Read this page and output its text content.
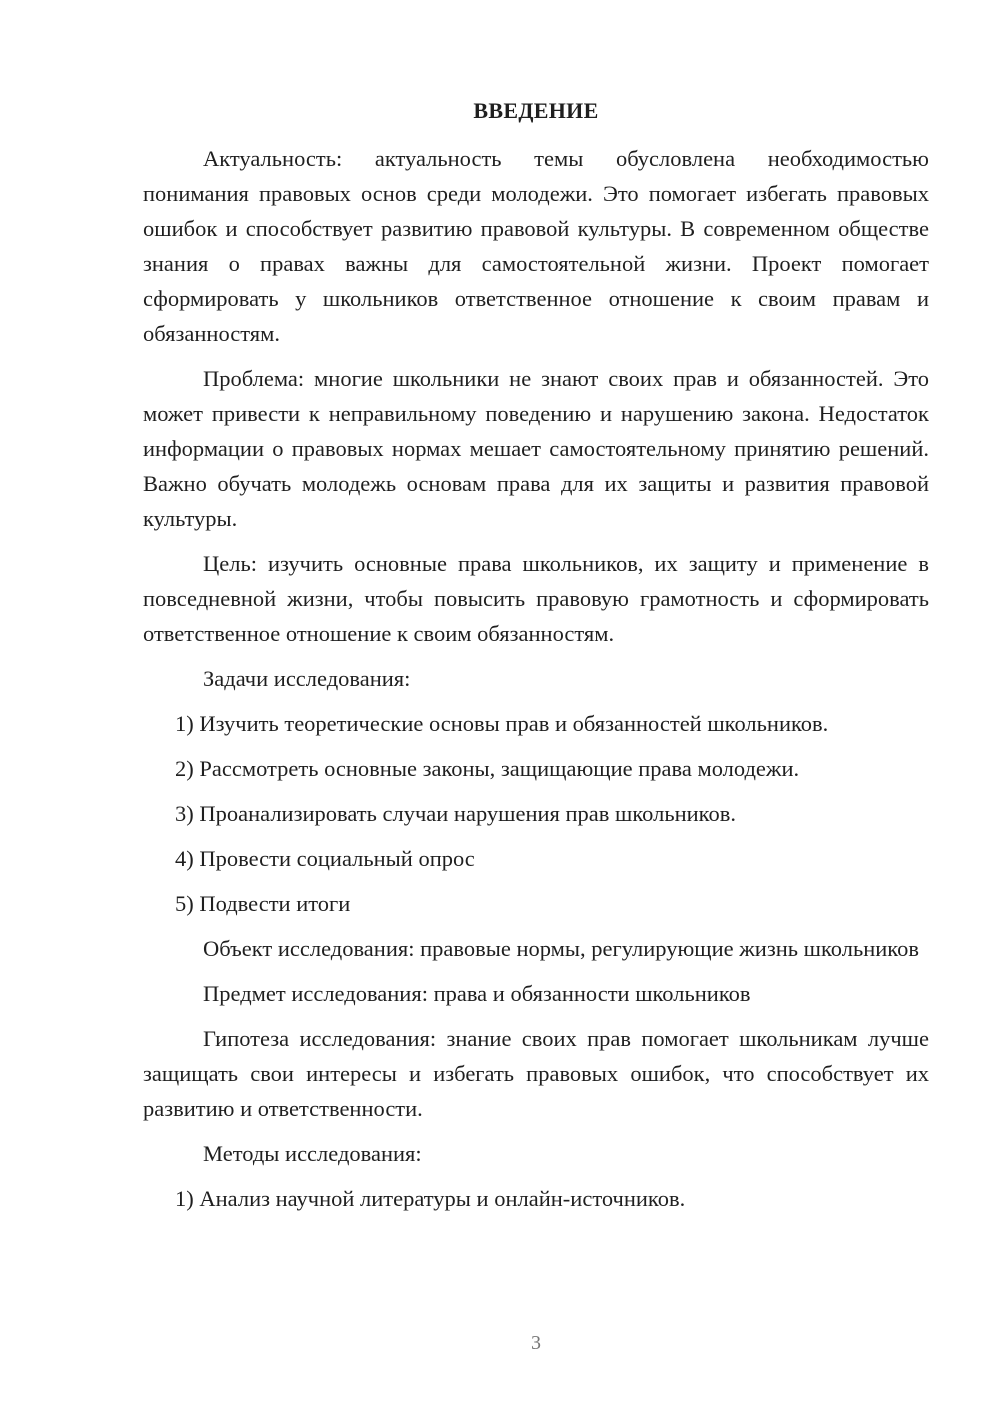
ВВЕДЕНИЕ

Актуальность: актуальность темы обусловлена необходимостью понимания правовых основ среди молодежи. Это помогает избегать правовых ошибок и способствует развитию правовой культуры. В современном обществе знания о правах важны для самостоятельной жизни. Проект помогает сформировать у школьников ответственное отношение к своим правам и обязанностям.

Проблема: многие школьники не знают своих прав и обязанностей. Это может привести к неправильному поведению и нарушению закона. Недостаток информации о правовых нормах мешает самостоятельному принятию решений. Важно обучать молодежь основам права для их защиты и развития правовой культуры.

Цель: изучить основные права школьников, их защиту и применение в повседневной жизни, чтобы повысить правовую грамотность и сформировать ответственное отношение к своим обязанностям.

Задачи исследования:

1) Изучить теоретические основы прав и обязанностей школьников.

2) Рассмотреть основные законы, защищающие права молодежи.

3) Проанализировать случаи нарушения прав школьников.

4) Провести социальный опрос

5) Подвести итоги

Объект исследования: правовые нормы, регулирующие жизнь школьников

Предмет исследования: права и обязанности школьников

Гипотеза исследования: знание своих прав помогает школьникам лучше защищать свои интересы и избегать правовых ошибок, что способствует их развитию и ответственности.

Методы исследования:

1) Анализ научной литературы и онлайн-источников.

3
